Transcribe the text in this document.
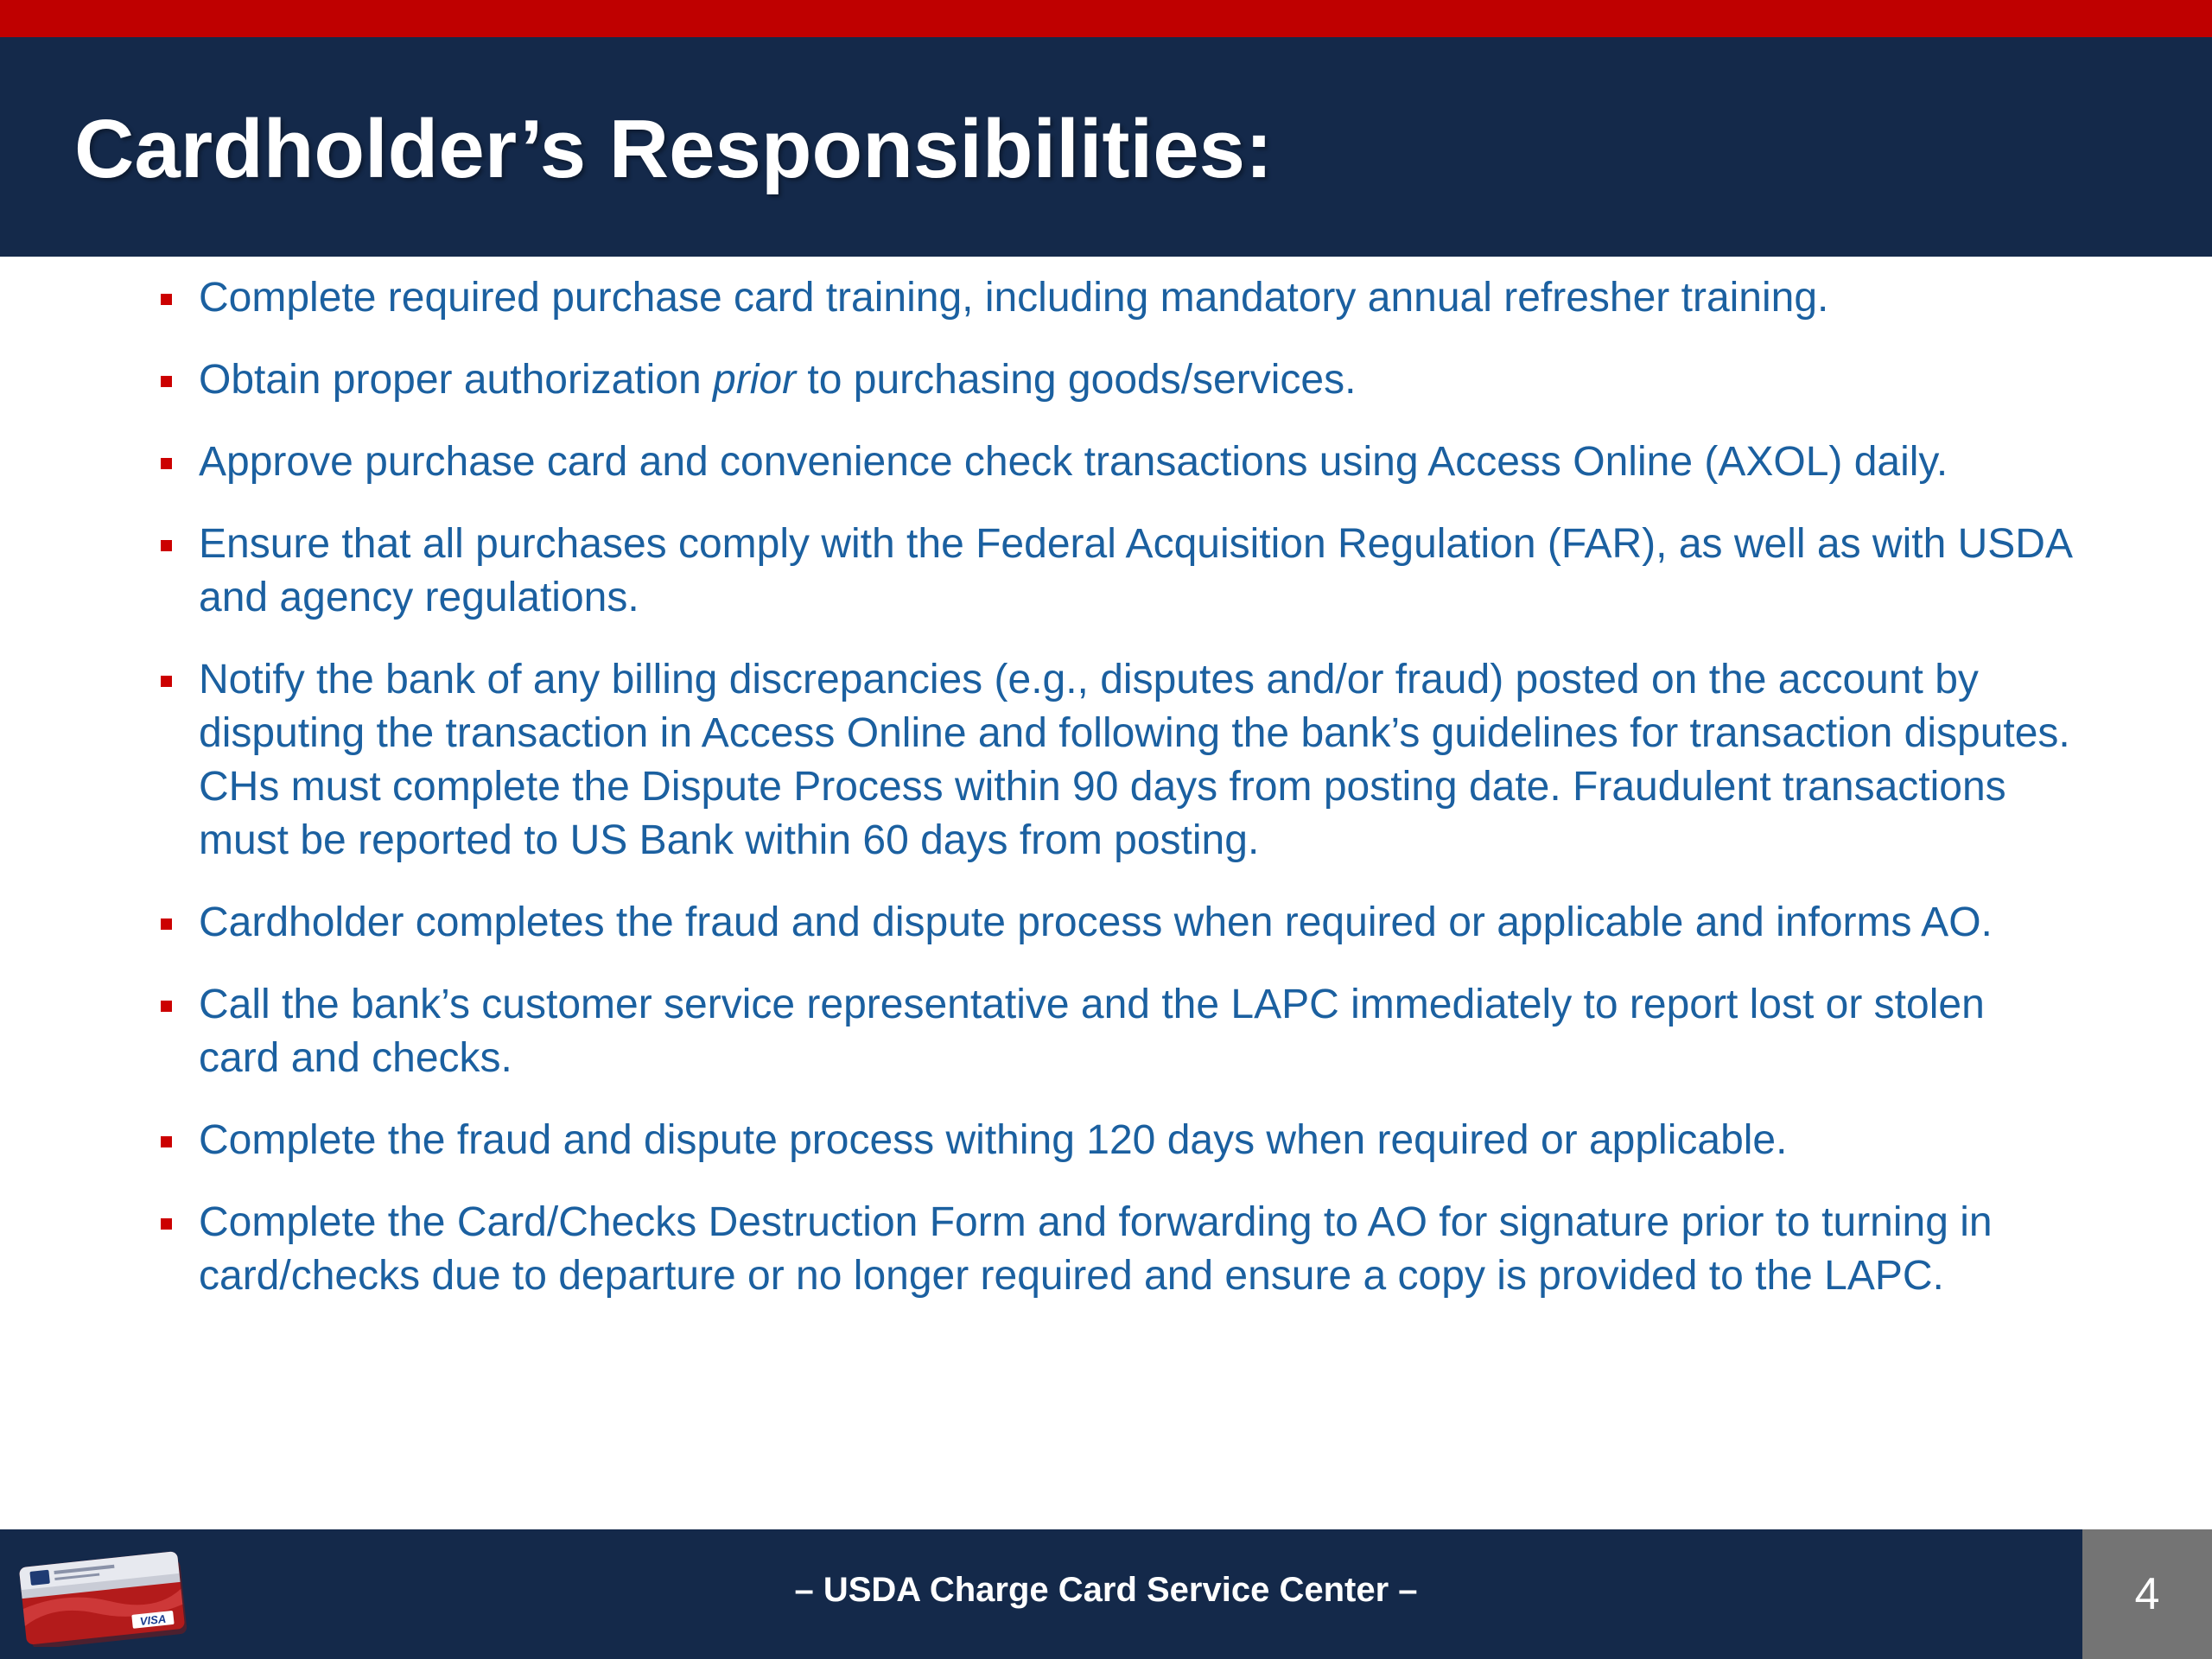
Cardholder’s Responsibilities:
Complete required purchase card training, including mandatory annual refresher training.
Obtain proper authorization prior to purchasing goods/services.
Approve purchase card and convenience check transactions using Access Online (AXOL) daily.
Ensure that all purchases comply with the Federal Acquisition Regulation (FAR), as well as with USDA and agency regulations.
Notify the bank of any billing discrepancies (e.g., disputes and/or fraud) posted on the account by disputing the transaction in Access Online and following the bank’s guidelines for transaction disputes. CHs must complete the Dispute Process within 90 days from posting date. Fraudulent transactions must be reported to US Bank within 60 days from posting.
Cardholder completes the fraud and dispute process when required or applicable and informs AO.
Call the bank’s customer service representative and the LAPC immediately to report lost or stolen card and checks.
Complete the fraud and dispute process withing 120 days when required or applicable.
Complete the Card/Checks Destruction Form and forwarding to AO for signature prior to turning in card/checks due to departure or no longer required and ensure a copy is provided to the LAPC.
VISA
– USDA Charge Card Service Center –	4
